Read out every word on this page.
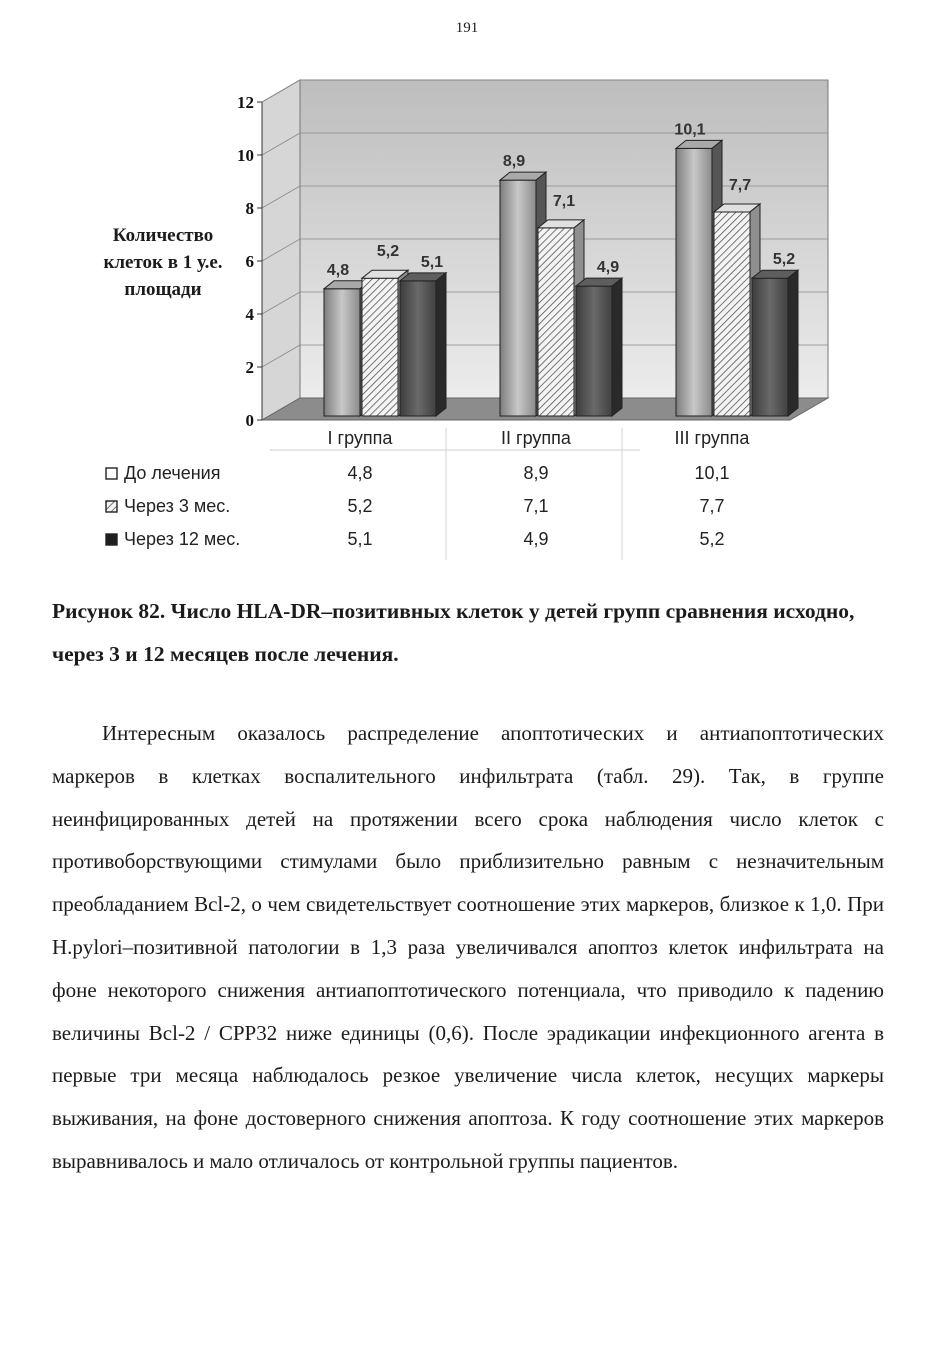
191
0
2
4
6
8
10
12
4,8
5,2
5,1
8,9
7,1
4,9
10,1
7,7
5,2
I группа	II группа	III группа
До лечения	4,8	8,9	10,1
Через 3 мес.	5,2	7,1	7,7
Через 12 мес.	5,1	4,9	5,2
Количество клеток в 1 у.е. площади
Рисунок 82. Число HLA-DR–позитивных клеток у детей групп сравнения исходно, через 3 и 12 месяцев после лечения.

Интересным оказалось распределение апоптотических и антиапоптотических маркеров в клетках воспалительного инфильтрата (табл. 29). Так, в группе неинфицированных детей на протяжении всего срока наблюдения число клеток с противоборствующими стимулами было приблизительно равным с незначительным преобладанием Bcl-2, о чем свидетельствует соотношение этих маркеров, близкое к 1,0. При H.pylori–позитивной патологии в 1,3 раза увеличивался апоптоз клеток инфильтрата на фоне некоторого снижения антиапоптотического потенциала, что приводило к падению величины Bcl-2 / CPP32 ниже единицы (0,6). После эрадикации инфекционного агента в первые три месяца наблюдалось резкое увеличение числа клеток, несущих маркеры выживания, на фоне достоверного снижения апоптоза. К году соотношение этих маркеров выравнивалось и мало отличалось от контрольной группы пациентов.
